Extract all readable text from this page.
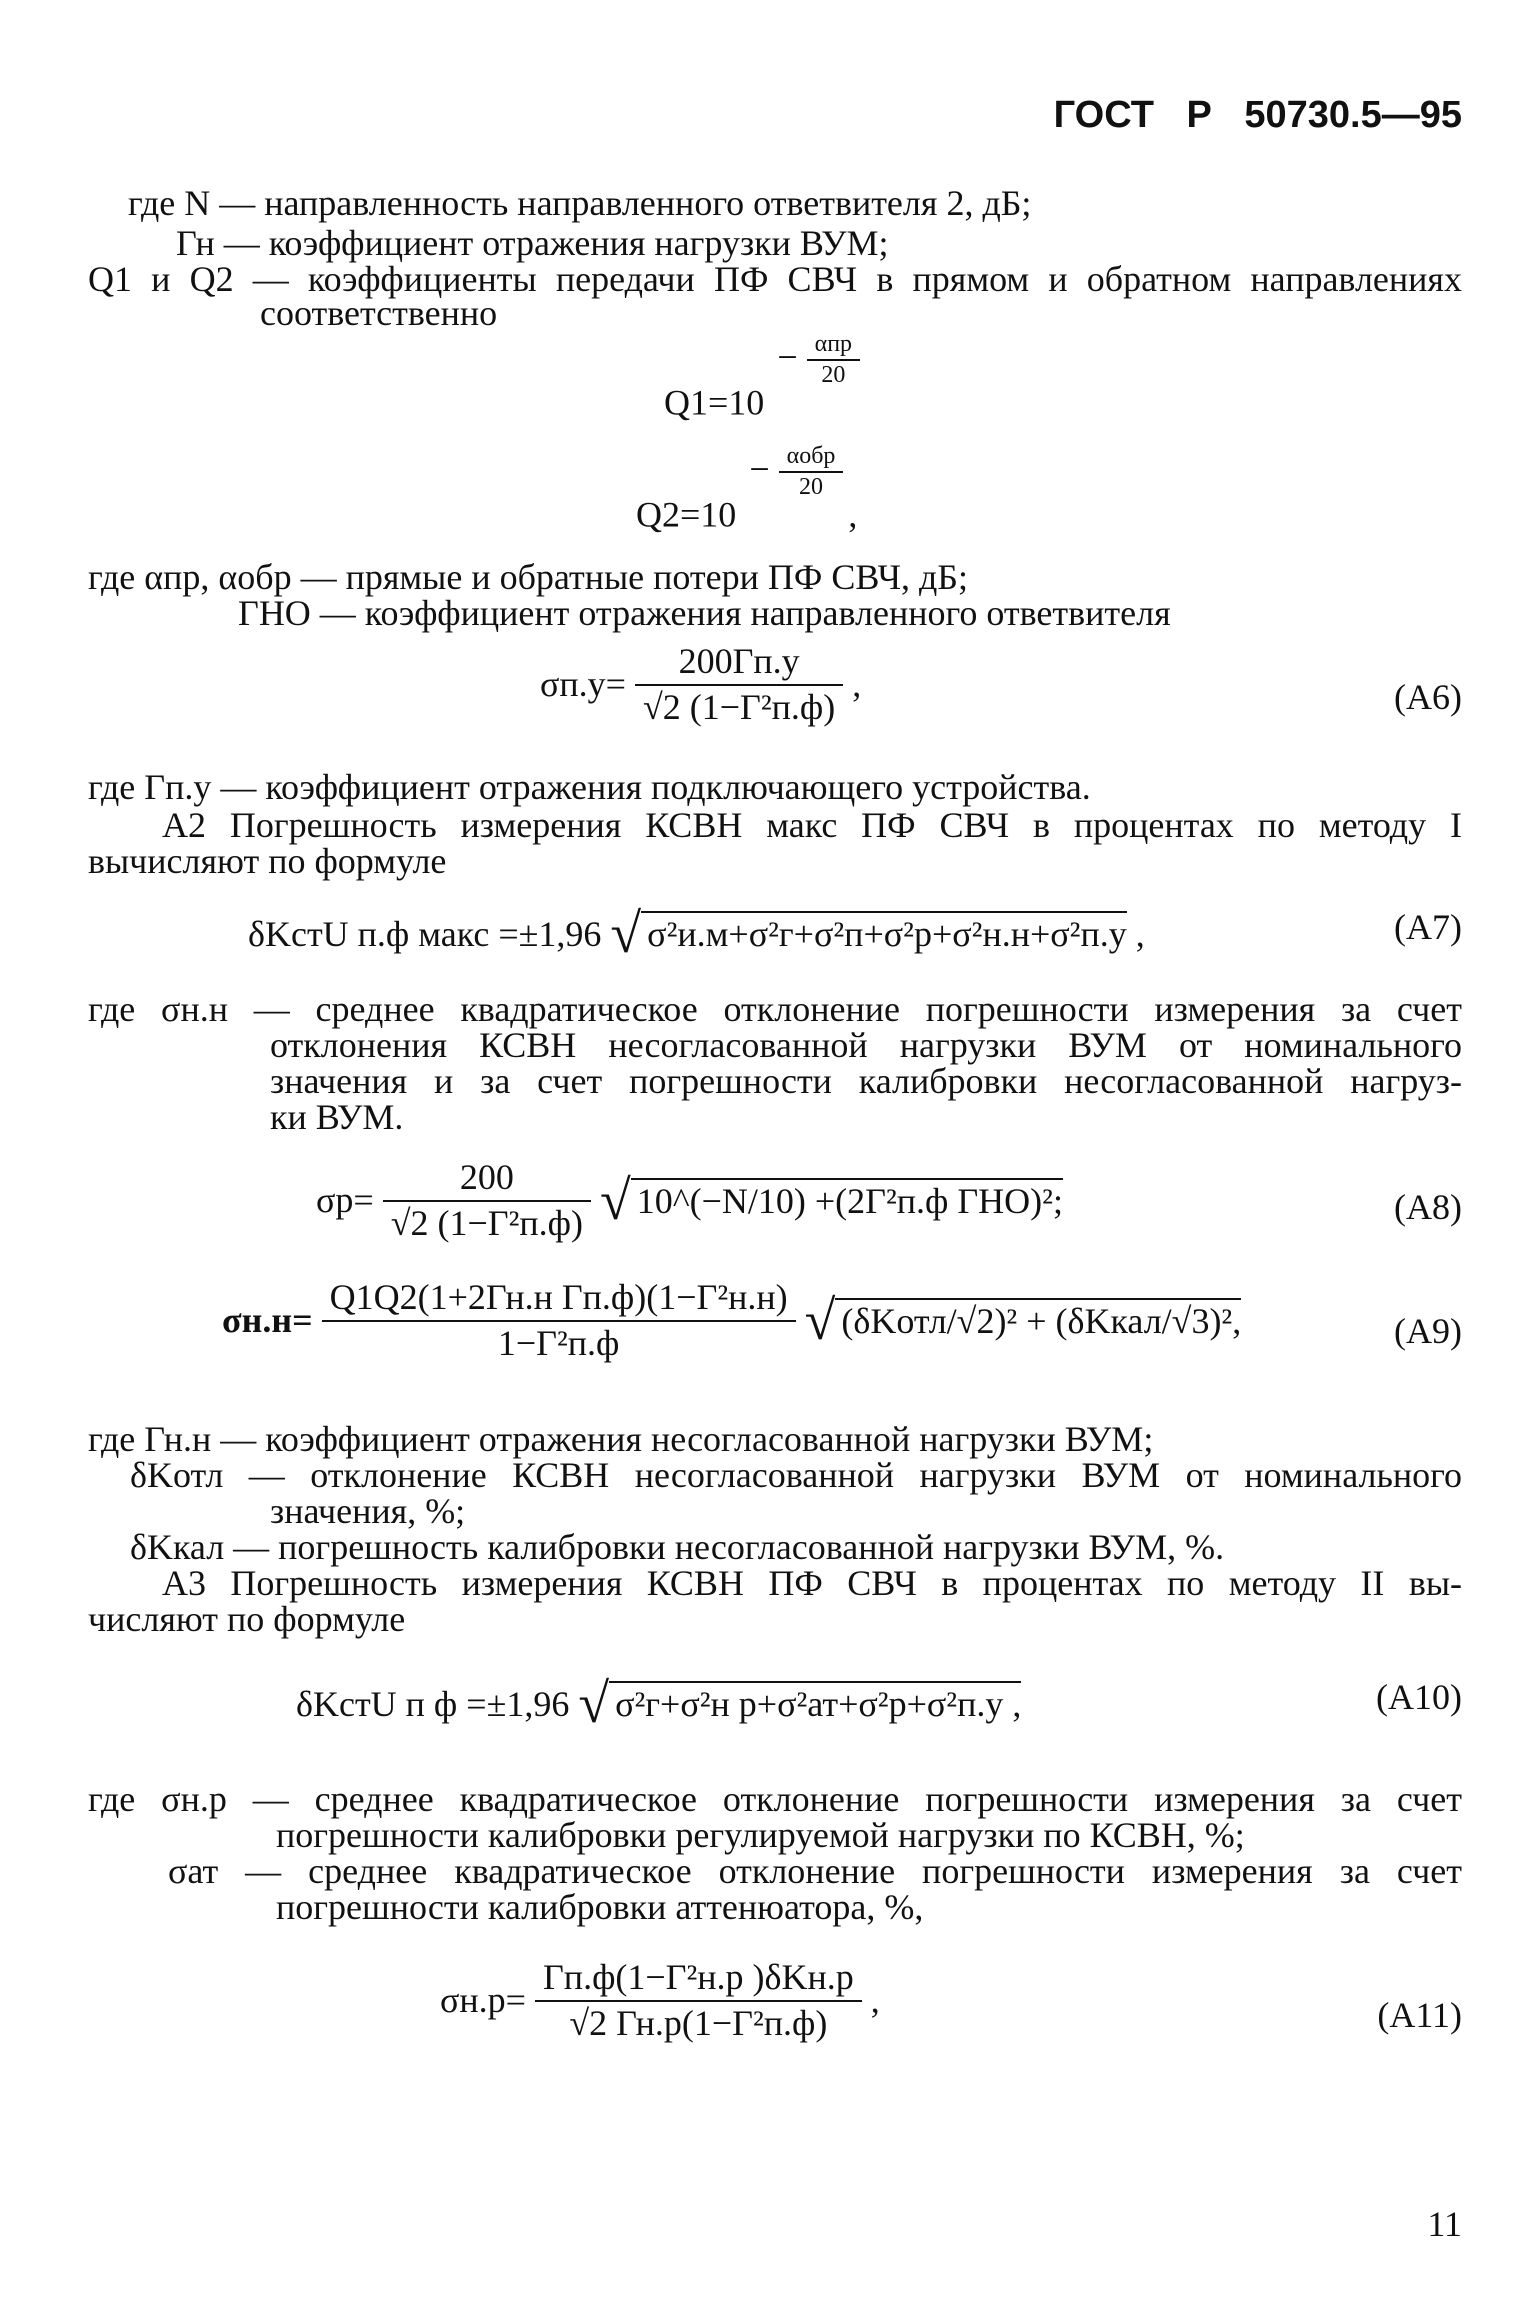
ГОСТ Р 50730.5—95
где N — направленность направленного ответвителя 2, дБ;
Гн — коэффициент отражения нагрузки ВУМ;
Q1 и Q2 — коэффициенты передачи ПФ СВЧ в прямом и обратном направлениях
соответственно
$Q1=10 - \frac{\text{αпр}}{20}$
$Q2=10 - \frac{\text{αобр}}{20}$
,
где αпр, αобр — прямые и обратные потери ПФ СВЧ, дБ;
ГНО — коэффициент отражения направленного ответвителя
$\sigma п.у= \frac{200Гп.у}{\text{√2 (1−Г²п.ф)}}$ ,	(А6)
где Гп.у — коэффициент отражения подключающего устройства.
А2 Погрешность измерения КСВН макс ПФ СВЧ в процентах по методу I
вычисляют по формуле
δKстU п.ф макс =±1,96 √ σ²и.м+σ²г+σ²п+σ²р+σ²н.н+σ²п.у ,	(А7)
где σн.н — среднее квадратическое отклонение погрешности измерения за счет
отклонения КСВН несогласованной нагрузки ВУМ от номинального
значения и за счет погрешности калибровки несогласованной нагруз-
ки ВУМ.
$\sigma р= \frac{200}{\text{√2 (1−Г²п.ф)}}$ √ 10^(−N/10) +(2Г²п.ф ГНО)²;	(А8)
$\sigma н.н= \frac{\text{Q1Q2(1+2Гн.н Гп.ф)(1−Г²н.н)}}{\text{1−Г²п.ф}}$ √ (δKотл/√2)² + (δKкал/√3)²,	(А9)
где Гн.н — коэффициент отражения несогласованной нагрузки ВУМ;
δKотл — отклонение КСВН несогласованной нагрузки ВУМ от номинального
значения, %;
δKкал — погрешность калибровки несогласованной нагрузки ВУМ, %.
А3 Погрешность измерения КСВН ПФ СВЧ в процентах по методу II вы-
числяют по формуле
δKстU п ф =±1,96 √ σ²г+σ²н р+σ²ат+σ²р+σ²п.у ,	(А10)
где σн.р — среднее квадратическое отклонение погрешности измерения за счет
погрешности калибровки регулируемой нагрузки по КСВН, %;
σат — среднее квадратическое отклонение погрешности измерения за счет
погрешности калибровки аттенюатора, %,
$\sigma н.р= \frac{\text{Гп.ф(1−Г²н.р )δKн.р}}{\text{√2 Гн.р(1−Г²п.ф)}}$ ,	(А11)
11
